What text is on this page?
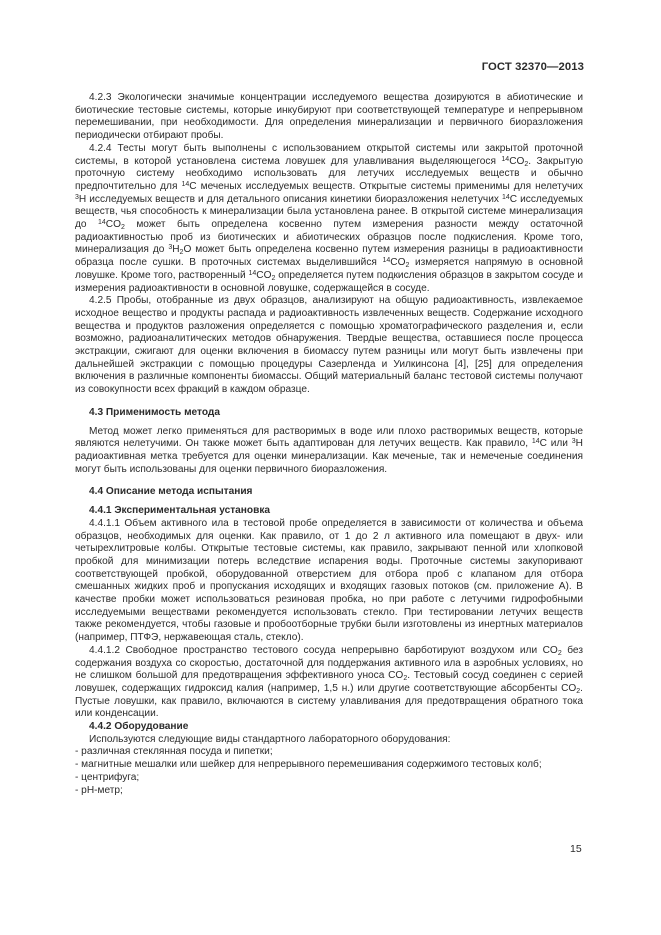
ГОСТ 32370—2013

4.2.3 Экологически значимые концентрации исследуемого вещества дозируются в абиотические и биотические тестовые системы, которые инкубируют при соответствующей температуре и непрерывном перемешивании, при необходимости. Для определения минерализации и первичного биоразложения периодически отбирают пробы.

4.2.4 Тесты могут быть выполнены с использованием открытой системы или закрытой проточной системы, в которой установлена система ловушек для улавливания выделяющегося $^{14}CO_2$. Закрытую проточную систему необходимо использовать для летучих исследуемых веществ и обычно предпочтительно для $^{14}$С меченых исследуемых веществ. Открытые системы применимы для нелетучих $^3$Н исследуемых веществ и для детального описания кинетики биоразложения нелетучих $^{14}$С исследуемых веществ, чья способность к минерализации была установлена ранее. В открытой системе минерализация до $^{14}CO_2$ может быть определена косвенно путем измерения разности между остаточной радиоактивностью проб из биотических и абиотических образцов после подкисления. Кроме того, минерализация до $^3H_2О$ может быть определена косвенно путем измерения разницы в радиоактивности образца после сушки. В проточных системах выделившийся $^{14}CO_2$ измеряется напрямую в основной ловушке. Кроме того, растворенный $^{14}CO_2$ определяется путем подкисления образцов в закрытом сосуде и измерения радиоактивности в основной ловушке, содержащейся в сосуде.

4.2.5 Пробы, отобранные из двух образцов, анализируют на общую радиоактивность, извлекаемое исходное вещество и продукты распада и радиоактивность извлеченных веществ. Содержание исходного вещества и продуктов разложения определяется с помощью хроматографического разделения и, если возможно, радиоаналитических методов обнаружения. Твердые вещества, оставшиеся после процесса экстракции, сжигают для оценки включения в биомассу путем разницы или могут быть извлечены при дальнейшей экстракции с помощью процедуры Сазерленда и Уилкинсона [4], [25] для определения включения в различные компоненты биомассы. Общий материальный баланс тестовой системы получают из совокупности всех фракций в каждом образце.

4.3 Применимость метода

Метод может легко применяться для растворимых в воде или плохо растворимых веществ, которые являются нелетучими. Он также может быть адаптирован для летучих веществ. Как правило, $^{14}$С или $^3$Н радиоактивная метка требуется для оценки минерализации. Как меченые, так и немеченые соединения могут быть использованы для оценки первичного биоразложения.

4.4 Описание метода испытания

4.4.1 Экспериментальная установка

4.4.1.1 Объем активного ила в тестовой пробе определяется в зависимости от количества и объема образцов, необходимых для оценки. Как правило, от 1 до 2 л активного ила помещают в двух- или четырехлитровые колбы. Открытые тестовые системы, как правило, закрывают пенной или хлопковой пробкой для минимизации потерь вследствие испарения воды. Проточные системы закупоривают соответствующей пробкой, оборудованной отверстием для отбора проб с клапаном для отбора смешанных жидких проб и пропускания исходящих и входящих газовых потоков (см. приложение А). В качестве пробки может использоваться резиновая пробка, но при работе с летучими гидрофобными исследуемыми веществами рекомендуется использовать стекло. При тестировании летучих веществ также рекомендуется, чтобы газовые и пробоотборные трубки были изготовлены из инертных материалов (например, ПТФЭ, нержавеющая сталь, стекло).

4.4.1.2 Свободное пространство тестового сосуда непрерывно барботируют воздухом или $CO_2$ без содержания воздуха со скоростью, достаточной для поддержания активного ила в аэробных условиях, но не слишком большой для предотвращения эффективного уноса $CO_2$. Тестовый сосуд соединен с серией ловушек, содержащих гидроксид калия (например, 1,5 н.) или другие соответствующие абсорбенты $CO_2$. Пустые ловушки, как правило, включаются в систему улавливания для предотвращения обратного тока или конденсации.

4.4.2 Оборудование

Используются следующие виды стандартного лабораторного оборудования:

- различная стеклянная посуда и пипетки;

- магнитные мешалки или шейкер для непрерывного перемешивания содержимого тестовых колб;

- центрифуга;

- рН-метр;

15
